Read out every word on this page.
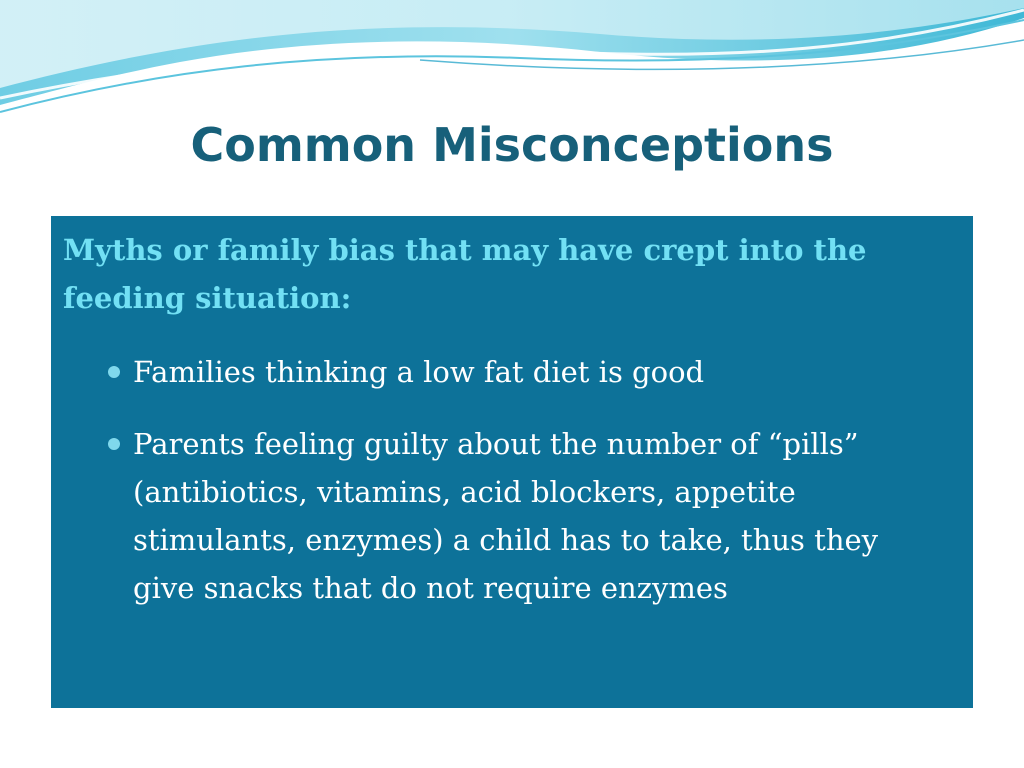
Common Misconceptions

Myths or family bias that may have crept into the feeding situation:

Families thinking a low fat diet is good
Parents feeling guilty about the number of “pills” (antibiotics, vitamins, acid blockers, appetite stimulants, enzymes) a child has to take, thus they give snacks that do not require enzymes
